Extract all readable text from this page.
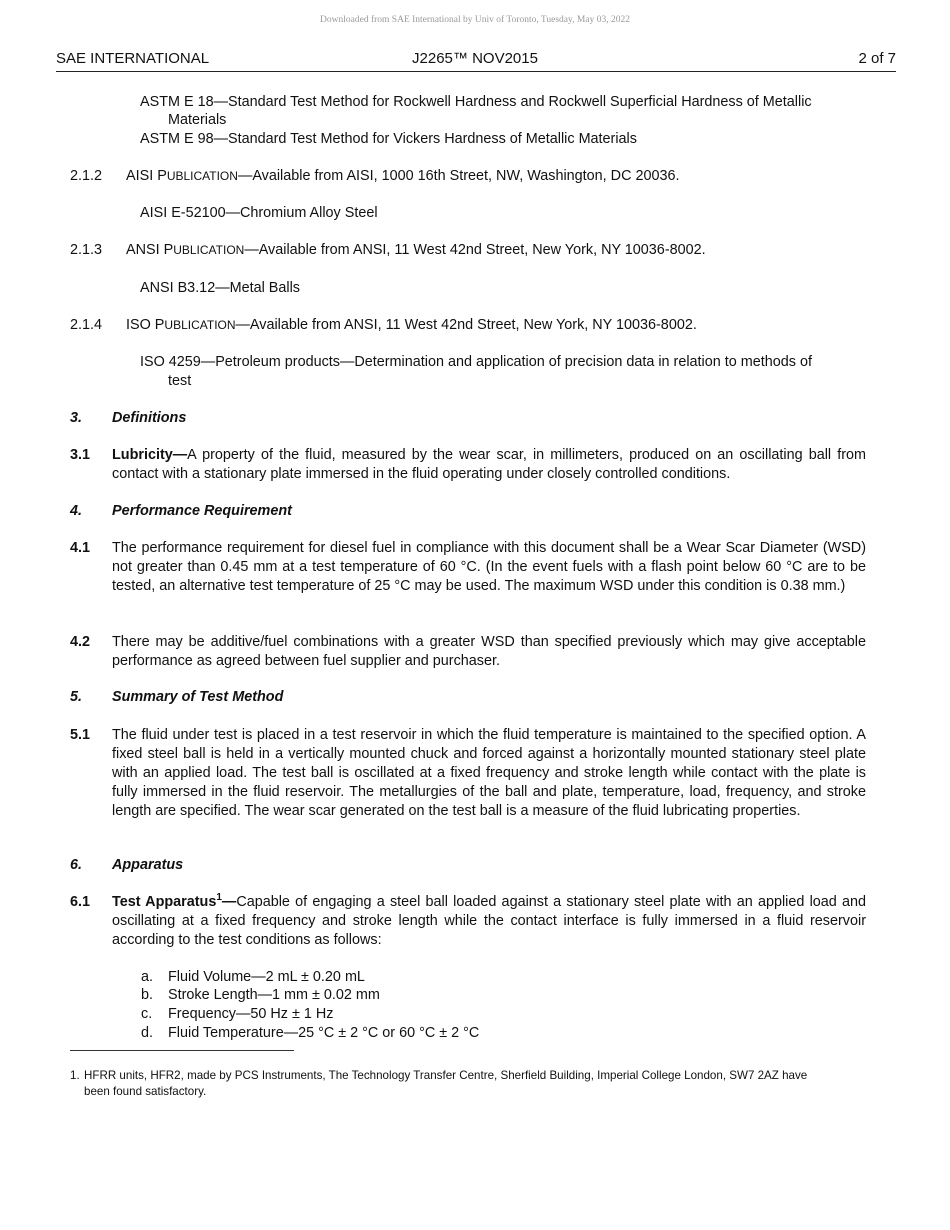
Downloaded from SAE International by Univ of Toronto, Tuesday, May 03, 2022
SAE INTERNATIONAL	J2265™ NOV2015	2 of 7
ASTM E 18—Standard Test Method for Rockwell Hardness and Rockwell Superficial Hardness of Metallic
Materials
ASTM E 98—Standard Test Method for Vickers Hardness of Metallic Materials
2.1.2 AISI PUBLICATION—Available from AISI, 1000 16th Street, NW, Washington, DC 20036.
AISI E-52100—Chromium Alloy Steel
2.1.3 ANSI PUBLICATION—Available from ANSI, 11 West 42nd Street, New York, NY 10036-8002.
ANSI B3.12—Metal Balls
2.1.4 ISO PUBLICATION—Available from ANSI, 11 West 42nd Street, New York, NY 10036-8002.
ISO 4259—Petroleum products—Determination and application of precision data in relation to methods of
test
3. Definitions
3.1 Lubricity—A property of the fluid, measured by the wear scar, in millimeters, produced on an oscillating ball from contact with a stationary plate immersed in the fluid operating under closely controlled conditions.
4. Performance Requirement
4.1 The performance requirement for diesel fuel in compliance with this document shall be a Wear Scar Diameter (WSD) not greater than 0.45 mm at a test temperature of 60 °C. (In the event fuels with a flash point below 60 °C are to be tested, an alternative test temperature of 25 °C may be used. The maximum WSD under this condition is 0.38 mm.)
4.2 There may be additive/fuel combinations with a greater WSD than specified previously which may give acceptable performance as agreed between fuel supplier and purchaser.
5. Summary of Test Method
5.1 The fluid under test is placed in a test reservoir in which the fluid temperature is maintained to the specified option. A fixed steel ball is held in a vertically mounted chuck and forced against a horizontally mounted stationary steel plate with an applied load. The test ball is oscillated at a fixed frequency and stroke length while contact with the plate is fully immersed in the fluid reservoir. The metallurgies of the ball and plate, temperature, load, frequency, and stroke length are specified. The wear scar generated on the test ball is a measure of the fluid lubricating properties.
6. Apparatus
6.1 Test Apparatus$^1$—Capable of engaging a steel ball loaded against a stationary steel plate with an applied load and oscillating at a fixed frequency and stroke length while the contact interface is fully immersed in a fluid reservoir according to the test conditions as follows:
a. Fluid Volume—2 mL ± 0.20 mL
b. Stroke Length—1 mm ± 0.02 mm
c. Frequency—50 Hz ± 1 Hz
d. Fluid Temperature—25 °C ± 2 °C or 60 °C ± 2 °C
1. HFRR units, HFR2, made by PCS Instruments, The Technology Transfer Centre, Sherfield Building, Imperial College London, SW7 2AZ have
been found satisfactory.
